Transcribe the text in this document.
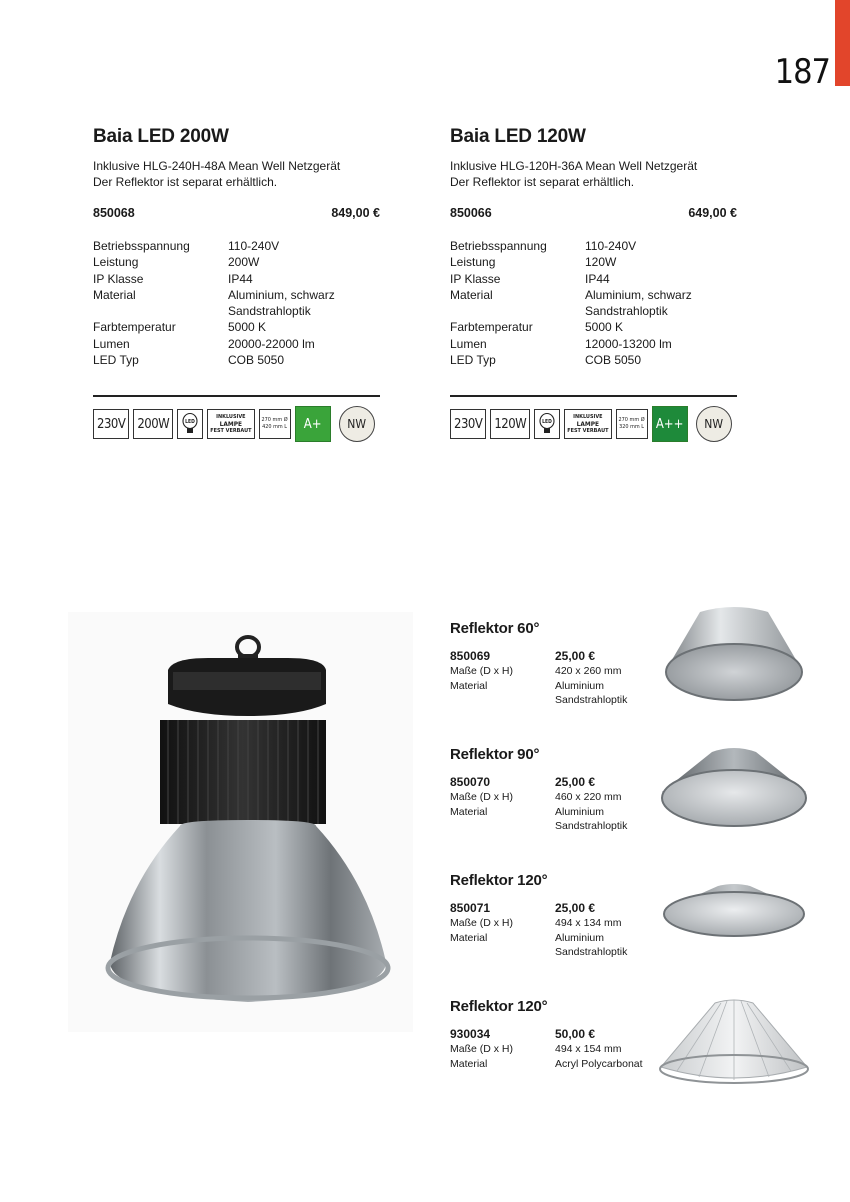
187
Baia LED 200W
Inklusive HLG-240H-48A Mean Well Netzgerät
Der Reflektor ist separat erhältlich.
850068	849,00 €
Betriebsspannung	110-240V
Leistung	200W
IP Klasse	IP44
Material	Aluminium, schwarz
Sandstrahloptik
Farbtemperatur	5000 K
Lumen	20000-22000 lm
LED Typ	COB 5050
230V 200W	LED
INKLUSIVE
LAMPE
FEST VERBAUT
270 mm Ø
420 mm L	A+	NW
Baia LED 120W
Inklusive HLG-120H-36A Mean Well Netzgerät
Der Reflektor ist separat erhältlich.
850066	649,00 €
Betriebsspannung	110-240V
Leistung	120W
IP Klasse	IP44
Material	Aluminium, schwarz
Sandstrahloptik
Farbtemperatur	5000 K
Lumen	12000-13200 lm
LED Typ	COB 5050
230V 120W	LED
INKLUSIVE
LAMPE
FEST VERBAUT
270 mm Ø
320 mm L A++	NW
Reflektor 60°
850069	25,00 €
Maße (D x H)	420 x 260 mm
Material	Aluminium
Sandstrahloptik
Reflektor 90°
850070	25,00 €
Maße (D x H)	460 x 220 mm
Material	Aluminium
Sandstrahloptik
Reflektor 120°
850071	25,00 €
Maße (D x H)	494 x 134 mm
Material	Aluminium
Sandstrahloptik
Reflektor 120°
930034	50,00 €
Maße (D x H)	494 x 154 mm
Material	Acryl Polycarbonat
